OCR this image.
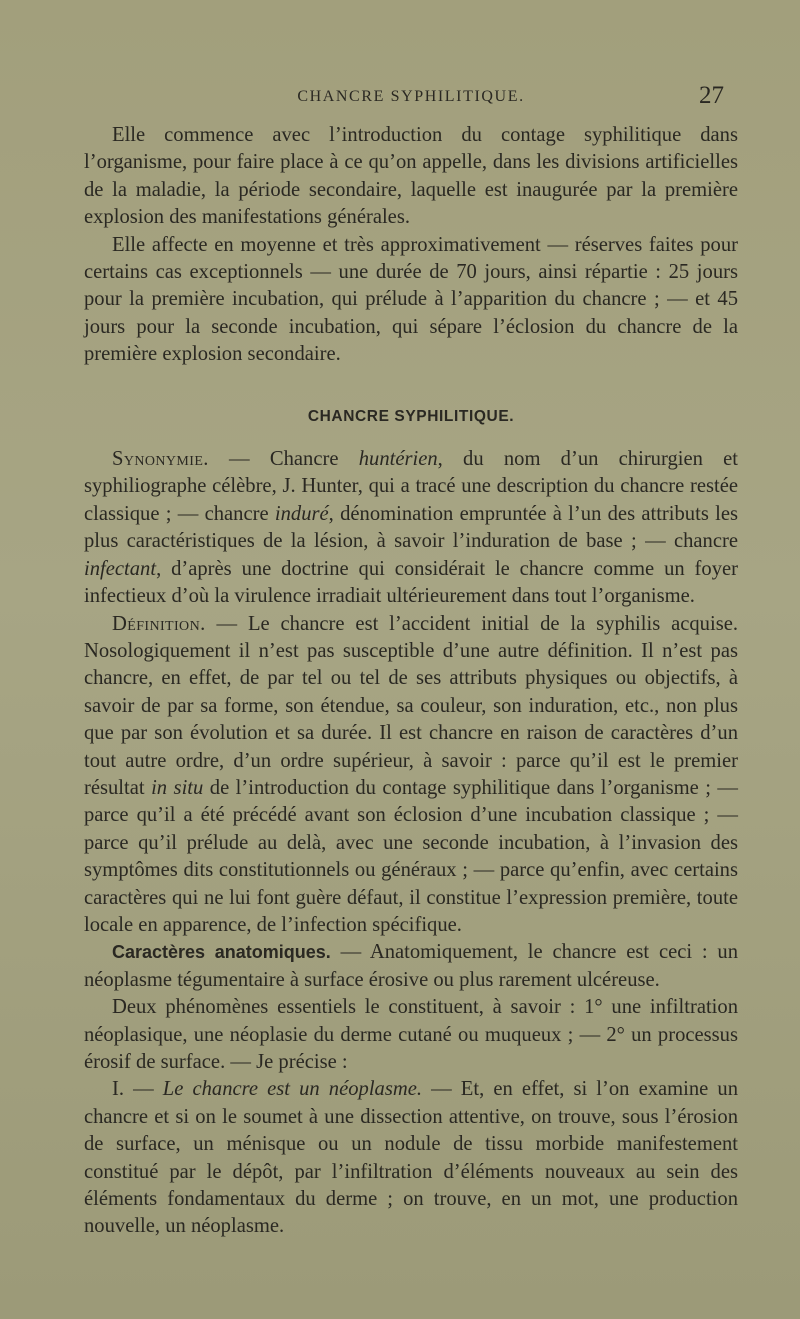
CHANCRE SYPHILITIQUE.	27

Elle commence avec l’introduction du contage syphilitique dans l’organisme, pour faire place à ce qu’on appelle, dans les divisions artificielles de la maladie, la période secondaire, laquelle est inaugurée par la première explosion des manifestations générales.

Elle affecte en moyenne et très approximativement — réserves faites pour certains cas exceptionnels — une durée de 70 jours, ainsi répartie : 25 jours pour la première incubation, qui prélude à l’apparition du chancre ; — et 45 jours pour la seconde incubation, qui sépare l’éclosion du chancre de la première explosion secondaire.

CHANCRE SYPHILITIQUE.

Synonymie. — Chancre huntérien, du nom d’un chirurgien et syphiliographe célèbre, J. Hunter, qui a tracé une description du chancre restée classique ; — chancre induré, dénomination empruntée à l’un des attributs les plus caractéristiques de la lésion, à savoir l’induration de base ; — chancre infectant, d’après une doctrine qui considérait le chancre comme un foyer infectieux d’où la virulence irradiait ultérieurement dans tout l’organisme.

Définition. — Le chancre est l’accident initial de la syphilis acquise. Nosologiquement il n’est pas susceptible d’une autre définition. Il n’est pas chancre, en effet, de par tel ou tel de ses attributs physiques ou objectifs, à savoir de par sa forme, son étendue, sa couleur, son induration, etc., non plus que par son évolution et sa durée. Il est chancre en raison de caractères d’un tout autre ordre, d’un ordre supérieur, à savoir : parce qu’il est le premier résultat in situ de l’introduction du contage syphilitique dans l’organisme ; — parce qu’il a été précédé avant son éclosion d’une incubation classique ; — parce qu’il prélude au delà, avec une seconde incubation, à l’invasion des symptômes dits constitutionnels ou généraux ; — parce qu’enfin, avec certains caractères qui ne lui font guère défaut, il constitue l’expression première, toute locale en apparence, de l’infection spécifique.

Caractères anatomiques. — Anatomiquement, le chancre est ceci : un néoplasme tégumentaire à surface érosive ou plus rarement ulcéreuse.

Deux phénomènes essentiels le constituent, à savoir : 1° une infiltration néoplasique, une néoplasie du derme cutané ou muqueux ; — 2° un processus érosif de surface. — Je précise :

I. — Le chancre est un néoplasme. — Et, en effet, si l’on examine un chancre et si on le soumet à une dissection attentive, on trouve, sous l’érosion de surface, un ménisque ou un nodule de tissu morbide manifestement constitué par le dépôt, par l’infiltration d’éléments nouveaux au sein des éléments fondamentaux du derme ; on trouve, en un mot, une production nouvelle, un néoplasme.
